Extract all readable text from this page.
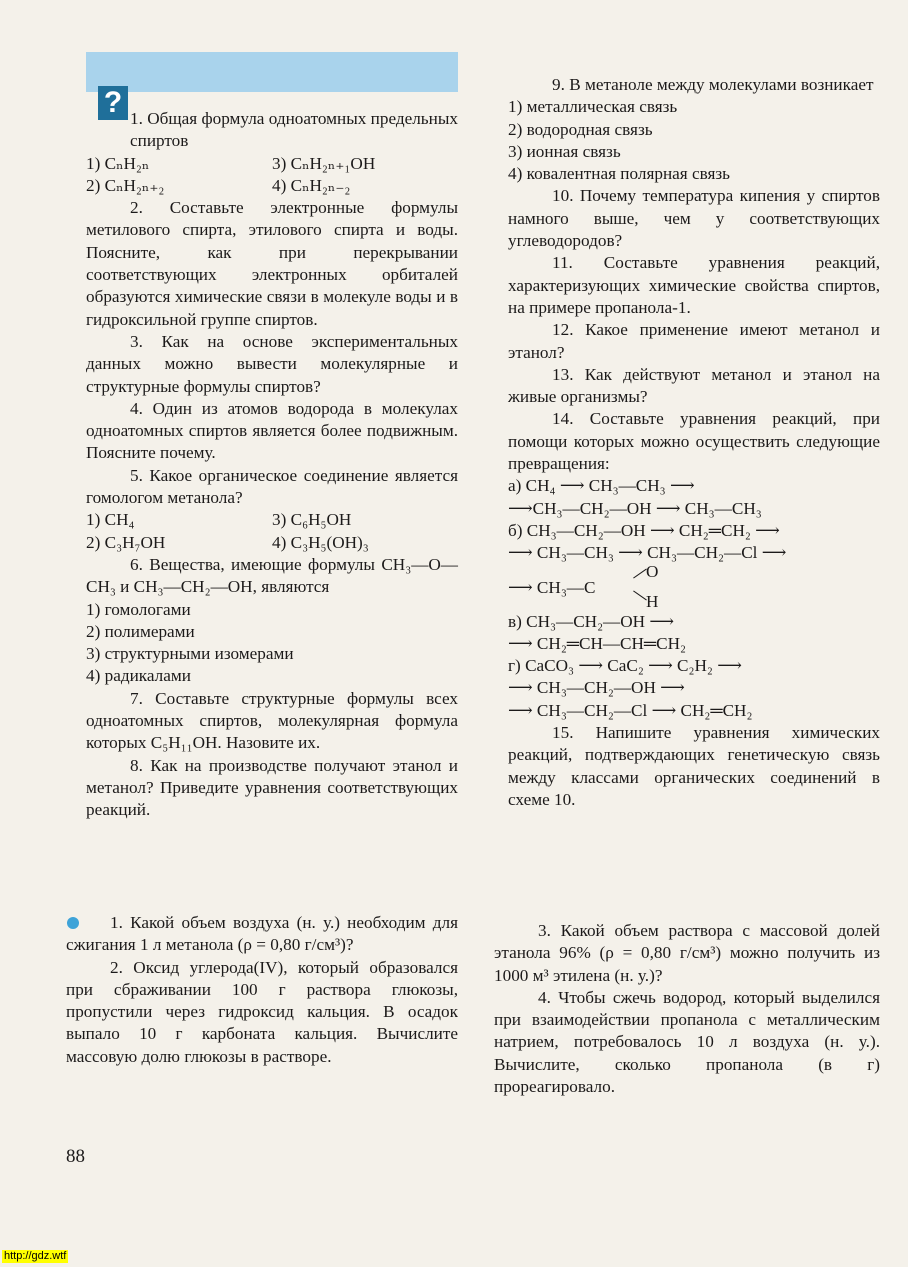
? 1. Общая формула одноатомных предельных спиртов

1) CₙH₂ₙ	3) CₙH₂ₙ₊₁OH
2) CₙH₂ₙ₊₂	4) CₙH₂ₙ₋₂

2. Составьте электронные формулы метилового спирта, этилового спирта и воды. Поясните, как при перекрывании соответствующих электронных орбиталей образуются химические связи в молекуле воды и в гидроксильной группе спиртов.

3. Как на основе экспериментальных данных можно вывести молекулярные и структурные формулы спиртов?

4. Один из атомов водорода в молекулах одноатомных спиртов является более подвижным. Поясните почему.

5. Какое органическое соединение является гомологом метанола?

1) CH₄	3) C₆H₅OH
2) C₃H₇OH	4) C₃H₅(OH)₃

6. Вещества, имеющие формулы CH₃—O—CH₃ и CH₃—CH₂—OH, являются

1) гомологами

2) полимерами

3) структурными изомерами

4) радикалами

7. Составьте структурные формулы всех одноатомных спиртов, молекулярная формула которых C₅H₁₁OH. Назовите их.

8. Как на производстве получают этанол и метанол? Приведите уравнения соответствующих реакций.

9. В метаноле между молекулами возникает

1) металлическая связь

2) водородная связь

3) ионная связь

4) ковалентная полярная связь

10. Почему температура кипения у спиртов намного выше, чем у соответствующих углеводородов?

11. Составьте уравнения реакций, характеризующих химические свойства спиртов, на примере пропанола-1.

12. Какое применение имеют метанол и этанол?

13. Как действуют метанол и этанол на живые организмы?

14. Составьте уравнения реакций, при помощи которых можно осуществить следующие превращения:

а) CH₄ ⟶ CH₃—CH₃ ⟶

⟶CH₃—CH₂—OH ⟶ CH₃—CH₃

б) CH₃—CH₂—OH ⟶ CH₂═CH₂ ⟶

⟶ CH₃—CH₃ ⟶ CH₃—CH₂—Cl ⟶

⟶ CH₃—C
O
H

в) CH₃—CH₂—OH ⟶

⟶ CH₂═CH—CH═CH₂

г) CaCO₃ ⟶ CaC₂ ⟶ C₂H₂ ⟶

⟶ CH₃—CH₂—OH ⟶

⟶ CH₃—CH₂—Cl ⟶ CH₂═CH₂

15. Напишите уравнения химических реакций, подтверждающих генетическую связь между классами органических соединений в схеме 10.

1. Какой объем воздуха (н. у.) необходим для сжигания 1 л метанола (ρ = 0,80 г/см³)?

2. Оксид углерода(IV), который образовался при сбраживании 100 г раствора глюкозы, пропустили через гидроксид кальция. В осадок выпало 10 г карбоната кальция. Вычислите массовую долю глюкозы в растворе.

3. Какой объем раствора с массовой долей этанола 96% (ρ = 0,80 г/см³) можно получить из 1000 м³ этилена (н. у.)?

4. Чтобы сжечь водород, который выделился при взаимодействии пропанола с металлическим натрием, потребовалось 10 л воздуха (н. у.). Вычислите, сколько пропанола (в г) прореагировало.

88
http://gdz.wtf
